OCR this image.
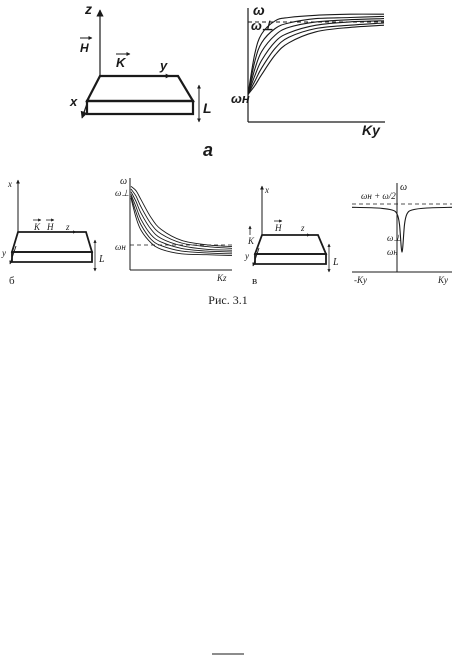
z
H
K	y
x	L
ω
ω⊥
ωн
Ky
а
x
K H z
y
L
б
ω
ω⊥
ωн
Kz
x
H z
K
y
L
в
ω
ωн + ω/2
ω⊥
ωн
-Ky	Ky
Рис. 3.1
